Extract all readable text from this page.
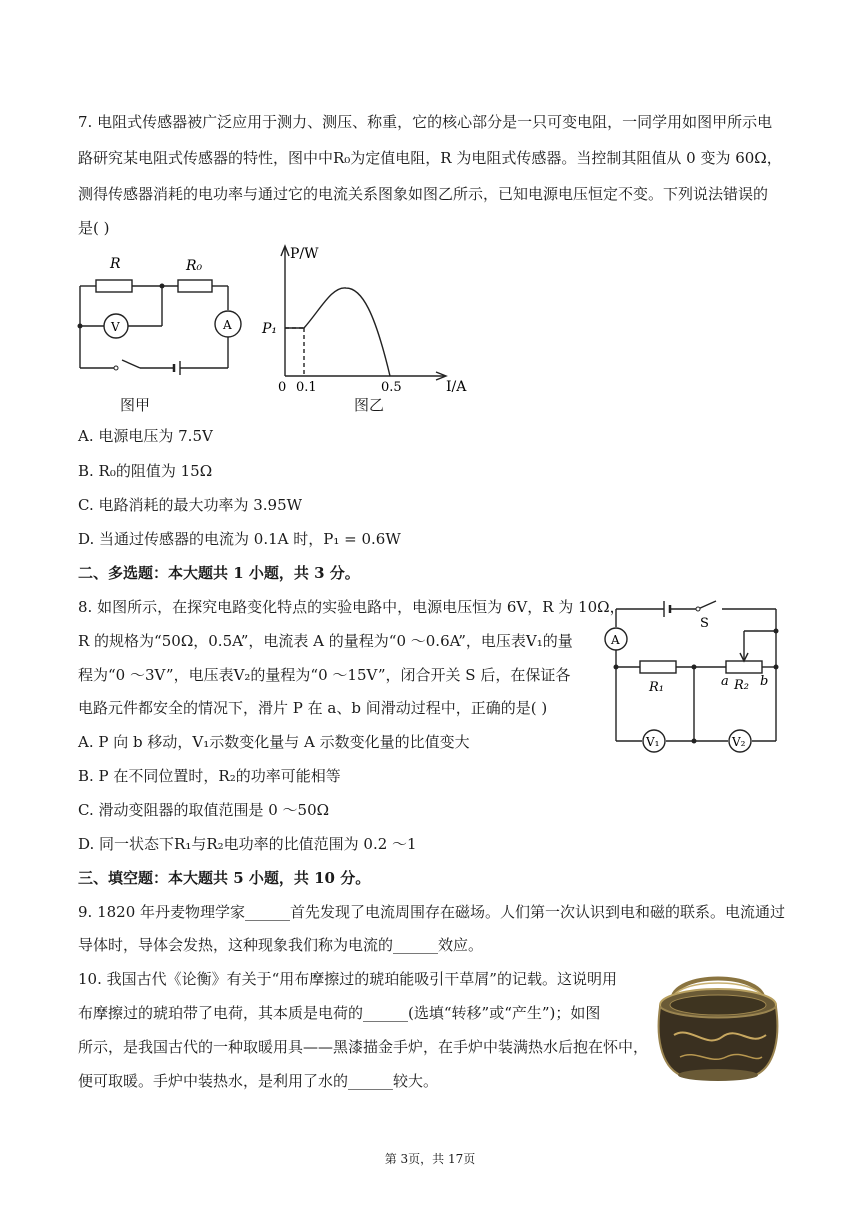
7. 电阻式传感器被广泛应用于测力、测压、称重，它的核心部分是一只可变电阻，一同学用如图甲所示电
路研究某电阻式传感器的特性，图中中R₀为定值电阻，R 为电阻式传感器。当控制其阻值从 0 变为 60Ω，
测得传感器消耗的电功率与通过它的电流关系图象如图乙所示，已知电源电压恒定不变。下列说法错误的
是( )
R	R₀
V	A
图甲
P/W
P₁
0 0.1	0.5	I/A
图乙
A. 电源电压为 7.5V
B. R₀的阻值为 15Ω
C. 电路消耗的最大功率为 3.95W
D. 当通过传感器的电流为 0.1A 时，P₁ = 0.6W
二、多选题：本大题共 1 小题，共 3 分。
8. 如图所示，在探究电路变化特点的实验电路中，电源电压恒为 6V，R 为 10Ω，
R 的规格为“50Ω，0.5A”，电流表 A 的量程为“0 ～0.6A”，电压表V₁的量
程为“0 ～3V”，电压表V₂的量程为“0 ～15V”，闭合开关 S 后，在保证各
电路元件都安全的情况下，滑片 P 在 a、b 间滑动过程中，正确的是( )
S
A
R₁	a R₂ b
V₁	V₂
A. P 向 b 移动，V₁示数变化量与 A 示数变化量的比值变大
B. P 在不同位置时，R₂的功率可能相等
C. 滑动变阻器的取值范围是 0 ～50Ω
D. 同一状态下R₁与R₂电功率的比值范围为 0.2 ～1
三、填空题：本大题共 5 小题，共 10 分。
9. 1820 年丹麦物理学家______首先发现了电流周围存在磁场。人们第一次认识到电和磁的联系。电流通过
导体时，导体会发热，这种现象我们称为电流的______效应。
10. 我国古代《论衡》有关于“用布摩擦过的琥珀能吸引干草屑”的记载。这说明用
布摩擦过的琥珀带了电荷，其本质是电荷的______(选填“转移”或“产生”)；如图
所示，是我国古代的一种取暖用具——黑漆描金手炉，在手炉中装满热水后抱在怀中，
便可取暖。手炉中装热水，是利用了水的______较大。
第 3页，共 17页
